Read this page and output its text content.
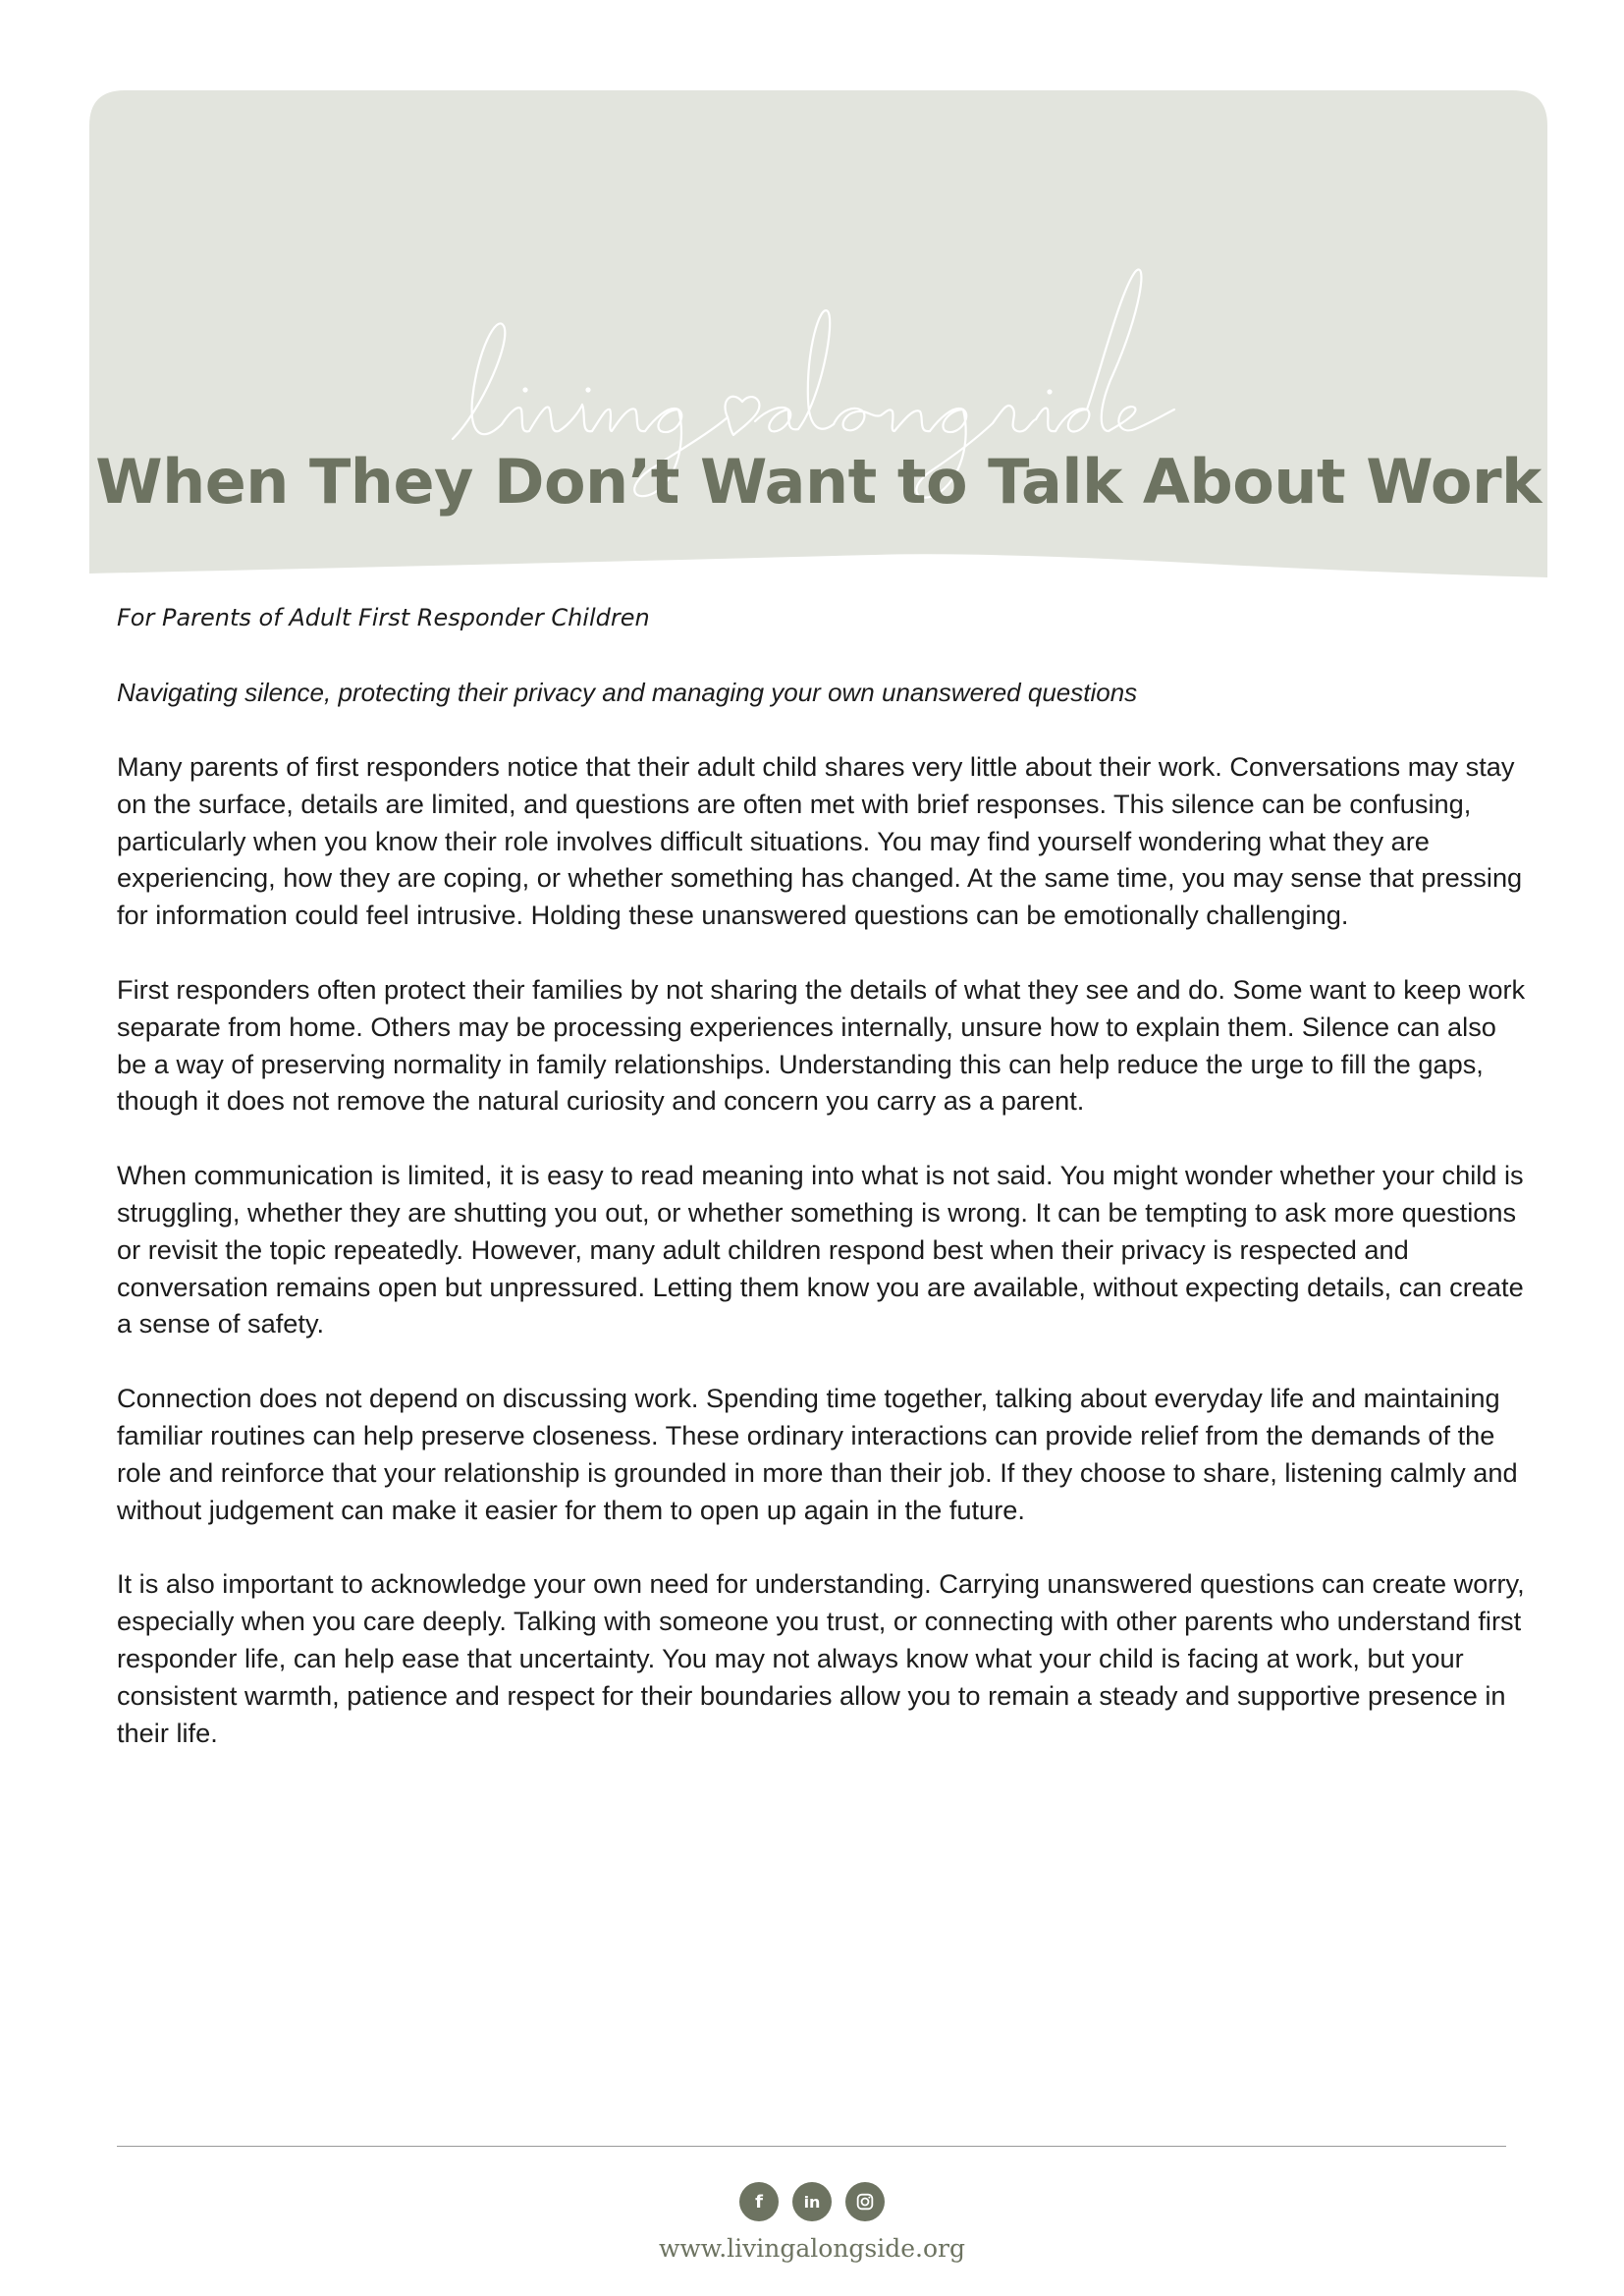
When They Don’t Want to Talk About Work

For Parents of Adult First Responder Children

Navigating silence, protecting their privacy and managing your own unanswered questions

Many parents of first responders notice that their adult child shares very little about their work. Conversations may stay on the surface, details are limited, and questions are often met with brief responses. This silence can be confusing, particularly when you know their role involves difficult situations. You may find yourself wondering what they are experiencing, how they are coping, or whether something has changed. At the same time, you may sense that pressing for information could feel intrusive. Holding these unanswered questions can be emotionally challenging.

First responders often protect their families by not sharing the details of what they see and do. Some want to keep work separate from home. Others may be processing experiences internally, unsure how to explain them. Silence can also be a way of preserving normality in family relationships. Understanding this can help reduce the urge to fill the gaps, though it does not remove the natural curiosity and concern you carry as a parent.

When communication is limited, it is easy to read meaning into what is not said. You might wonder whether your child is struggling, whether they are shutting you out, or whether something is wrong. It can be tempting to ask more questions or revisit the topic repeatedly. However, many adult children respond best when their privacy is respected and conversation remains open but unpressured. Letting them know you are available, without expecting details, can create a sense of safety.

Connection does not depend on discussing work. Spending time together, talking about everyday life and maintaining familiar routines can help preserve closeness. These ordinary interactions can provide relief from the demands of the role and reinforce that your relationship is grounded in more than their job. If they choose to share, listening calmly and without judgement can make it easier for them to open up again in the future.

It is also important to acknowledge your own need for understanding. Carrying unanswered questions can create worry, especially when you care deeply. Talking with someone you trust, or connecting with other parents who understand first responder life, can help ease that uncertainty. You may not always know what your child is facing at work, but your consistent warmth, patience and respect for their boundaries allow you to remain a steady and supportive presence in their life.

f	in
www.livingalongside.org
